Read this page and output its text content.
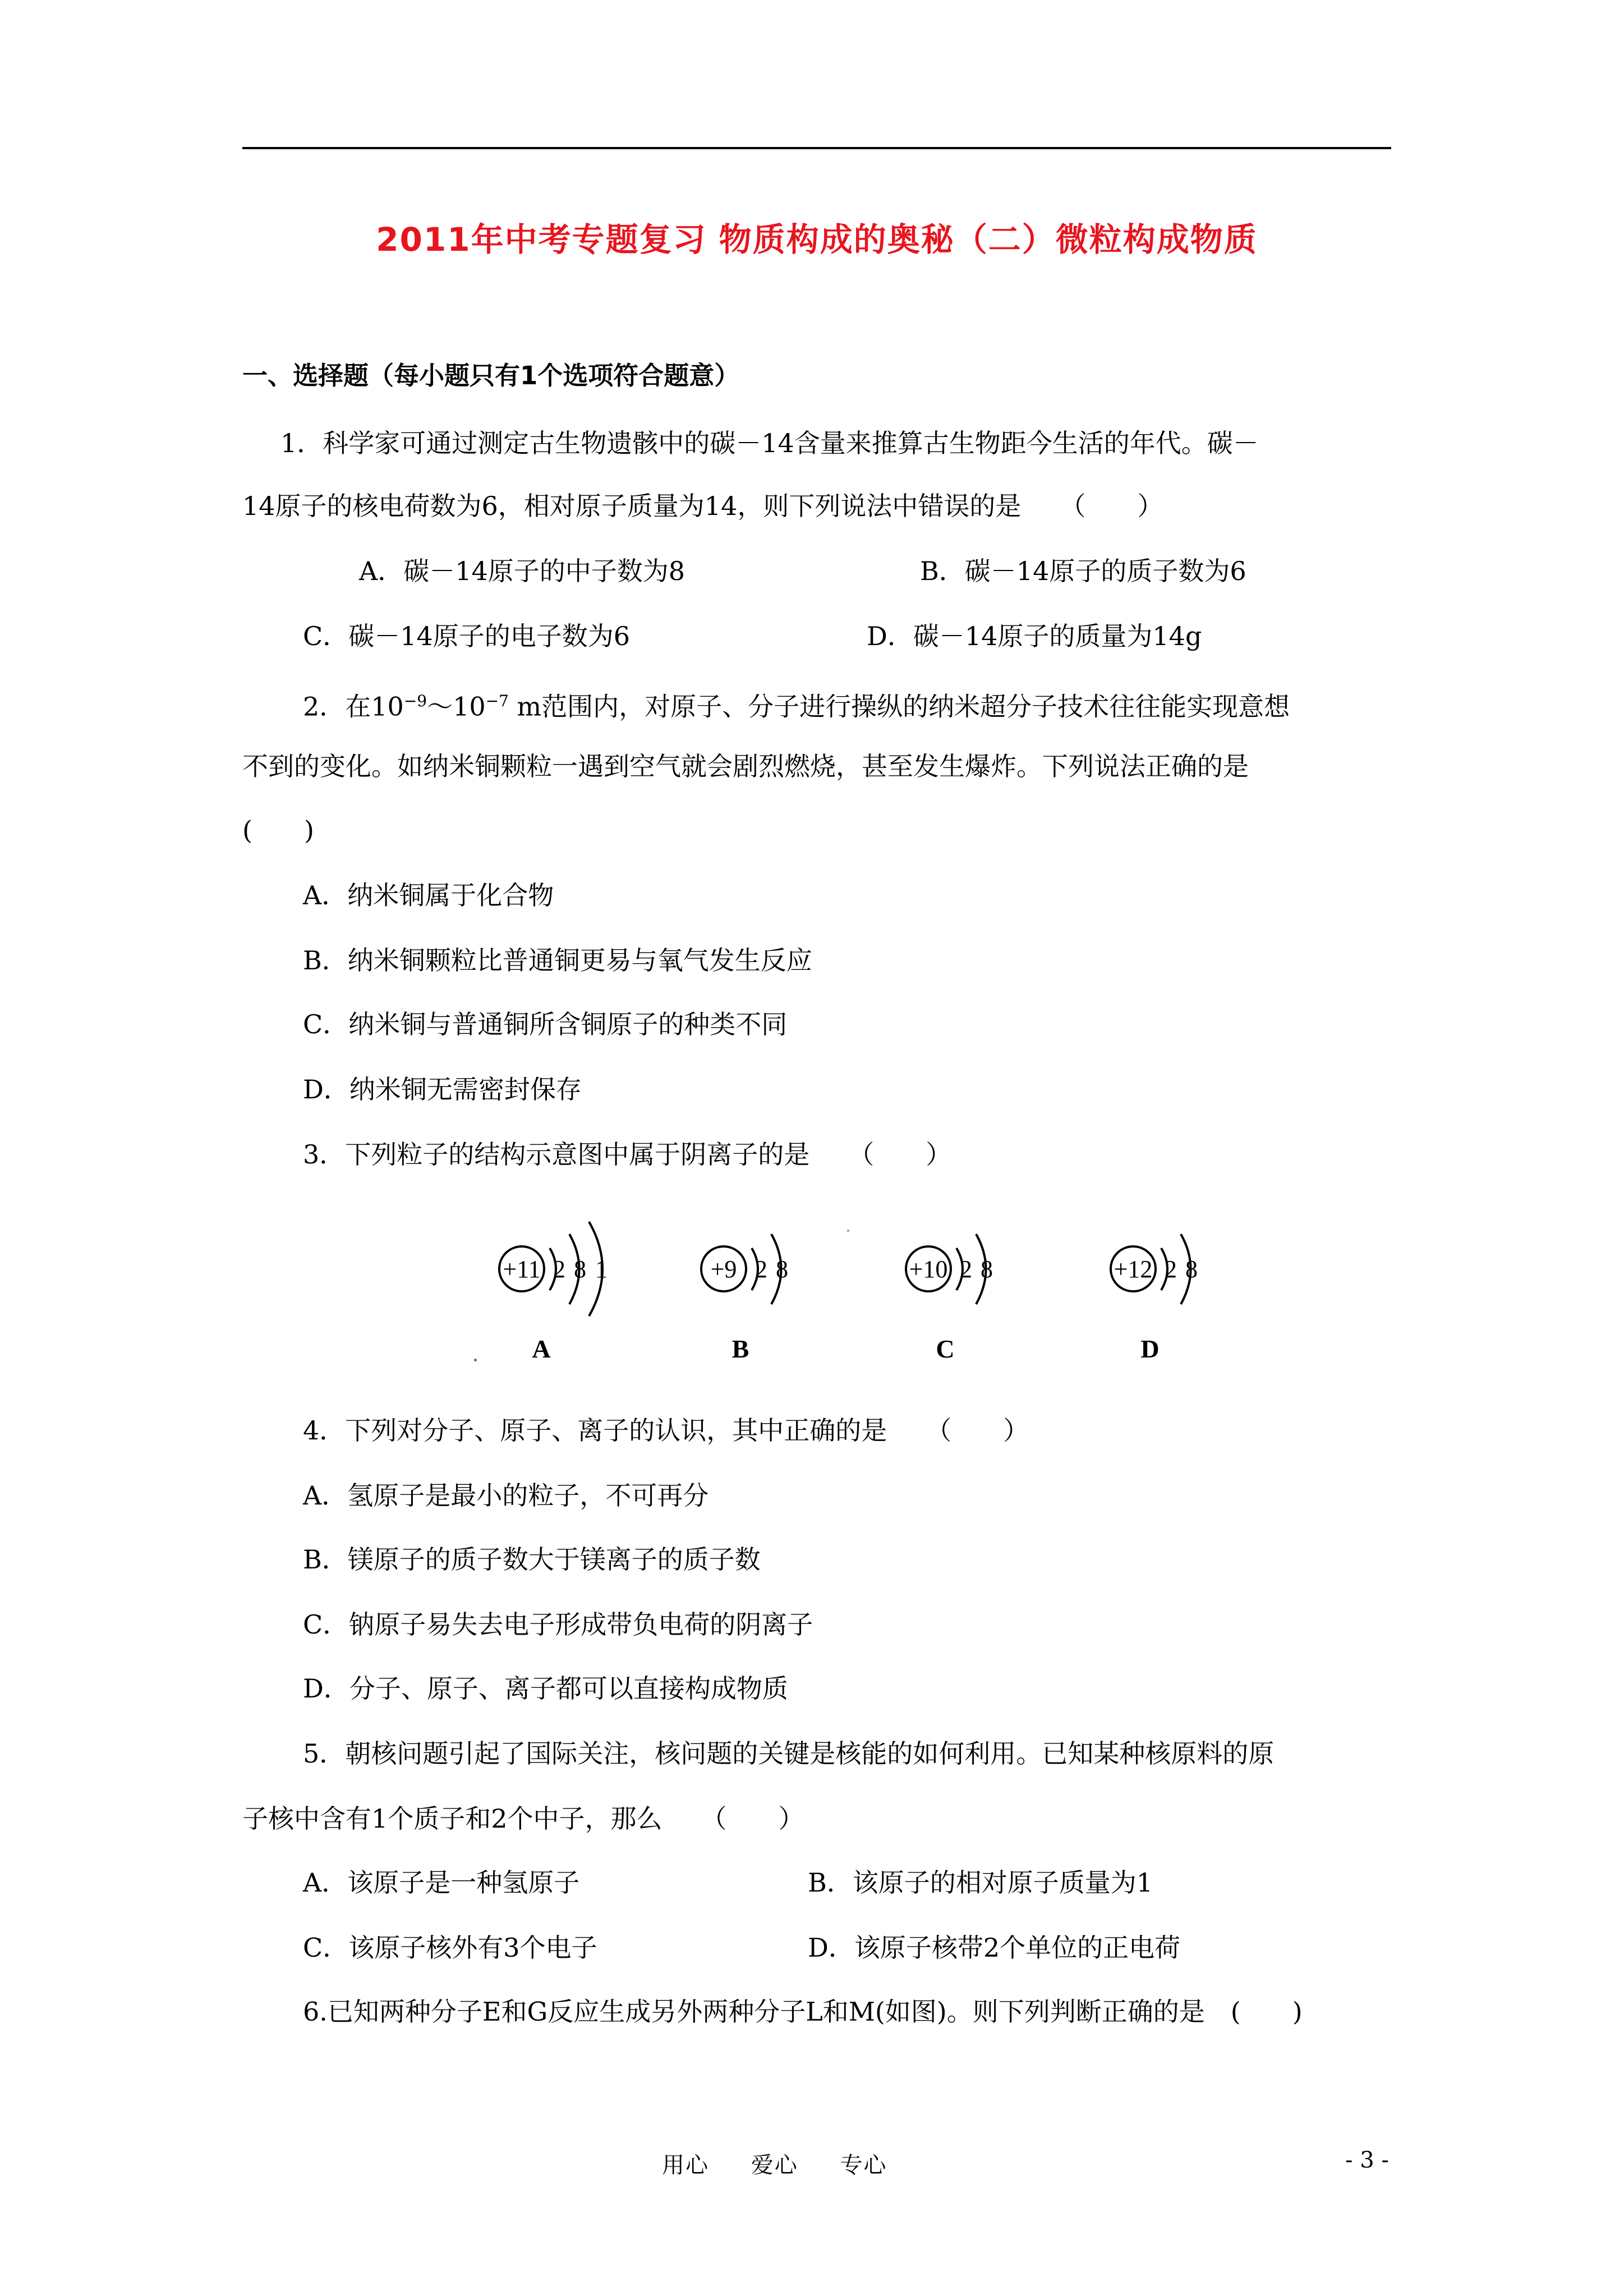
2011年中考专题复习 物质构成的奥秘（二）微粒构成物质
一、选择题（每小题只有1个选项符合题意）
1．科学家可通过测定古生物遗骸中的碳－14含量来推算古生物距今生活的年代。碳－
14原子的核电荷数为6，相对原子质量为14，则下列说法中错误的是　　（　　）
A．碳－14原子的中子数为8	B．碳－14原子的质子数为6
C．碳－14原子的电子数为6	D．碳－14原子的质量为14g
2．在$10^{-9}\sim 10^{-7}$ m范围内，对原子、分子进行操纵的纳米超分子技术往往能实现意想
不到的变化。如纳米铜颗粒一遇到空气就会剧烈燃烧，甚至发生爆炸。下列说法正确的是
(　　)
A．纳米铜属于化合物
B．纳米铜颗粒比普通铜更易与氧气发生反应
C．纳米铜与普通铜所含铜原子的种类不同
D．纳米铜无需密封保存
3．下列粒子的结构示意图中属于阴离子的是　　（　　）
+11 2 8 1
A
+9 2 8
B
+10 2 8
C
+12 2 8
D
4．下列对分子、原子、离子的认识，其中正确的是　　（　　）
A．氢原子是最小的粒子，不可再分
B．镁原子的质子数大于镁离子的质子数
C．钠原子易失去电子形成带负电荷的阴离子
D．分子、原子、离子都可以直接构成物质
5．朝核问题引起了国际关注，核问题的关键是核能的如何利用。已知某种核原料的原
子核中含有1个质子和2个中子，那么　　（　　）
A．该原子是一种氢原子	B．该原子的相对原子质量为1
C．该原子核外有3个电子	D．该原子核带2个单位的正电荷
6.已知两种分子E和G反应生成另外两种分子L和M(如图)。则下列判断正确的是　(　　)
用心 爱心 专心	- 3 -
